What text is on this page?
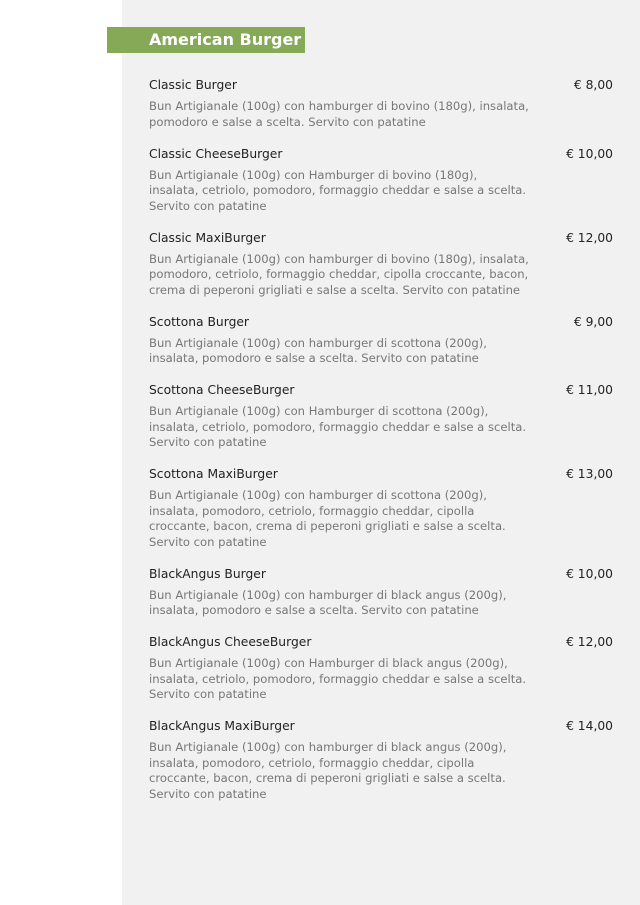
American Burger
Classic Burger	€ 8,00
Bun Artigianale (100g) con hamburger di bovino (180g), insalata, pomodoro e salse a scelta. Servito con patatine
Classic CheeseBurger	€ 10,00
Bun Artigianale (100g) con Hamburger di bovino (180g), insalata, cetriolo, pomodoro, formaggio cheddar e salse a scelta. Servito con patatine
Classic MaxiBurger	€ 12,00
Bun Artigianale (100g) con hamburger di bovino (180g), insalata, pomodoro, cetriolo, formaggio cheddar, cipolla croccante, bacon, crema di peperoni grigliati e salse a scelta. Servito con patatine
Scottona Burger	€ 9,00
Bun Artigianale (100g) con hamburger di scottona (200g), insalata, pomodoro e salse a scelta. Servito con patatine
Scottona CheeseBurger	€ 11,00
Bun Artigianale (100g) con Hamburger di scottona (200g), insalata, cetriolo, pomodoro, formaggio cheddar e salse a scelta. Servito con patatine
Scottona MaxiBurger	€ 13,00
Bun Artigianale (100g) con hamburger di scottona (200g), insalata, pomodoro, cetriolo, formaggio cheddar, cipolla croccante, bacon, crema di peperoni grigliati e salse a scelta. Servito con patatine
BlackAngus Burger	€ 10,00
Bun Artigianale (100g) con hamburger di black angus (200g), insalata, pomodoro e salse a scelta. Servito con patatine
BlackAngus CheeseBurger	€ 12,00
Bun Artigianale (100g) con Hamburger di black angus (200g), insalata, cetriolo, pomodoro, formaggio cheddar e salse a scelta. Servito con patatine
BlackAngus MaxiBurger	€ 14,00
Bun Artigianale (100g) con hamburger di black angus (200g), insalata, pomodoro, cetriolo, formaggio cheddar, cipolla croccante, bacon, crema di peperoni grigliati e salse a scelta. Servito con patatine
